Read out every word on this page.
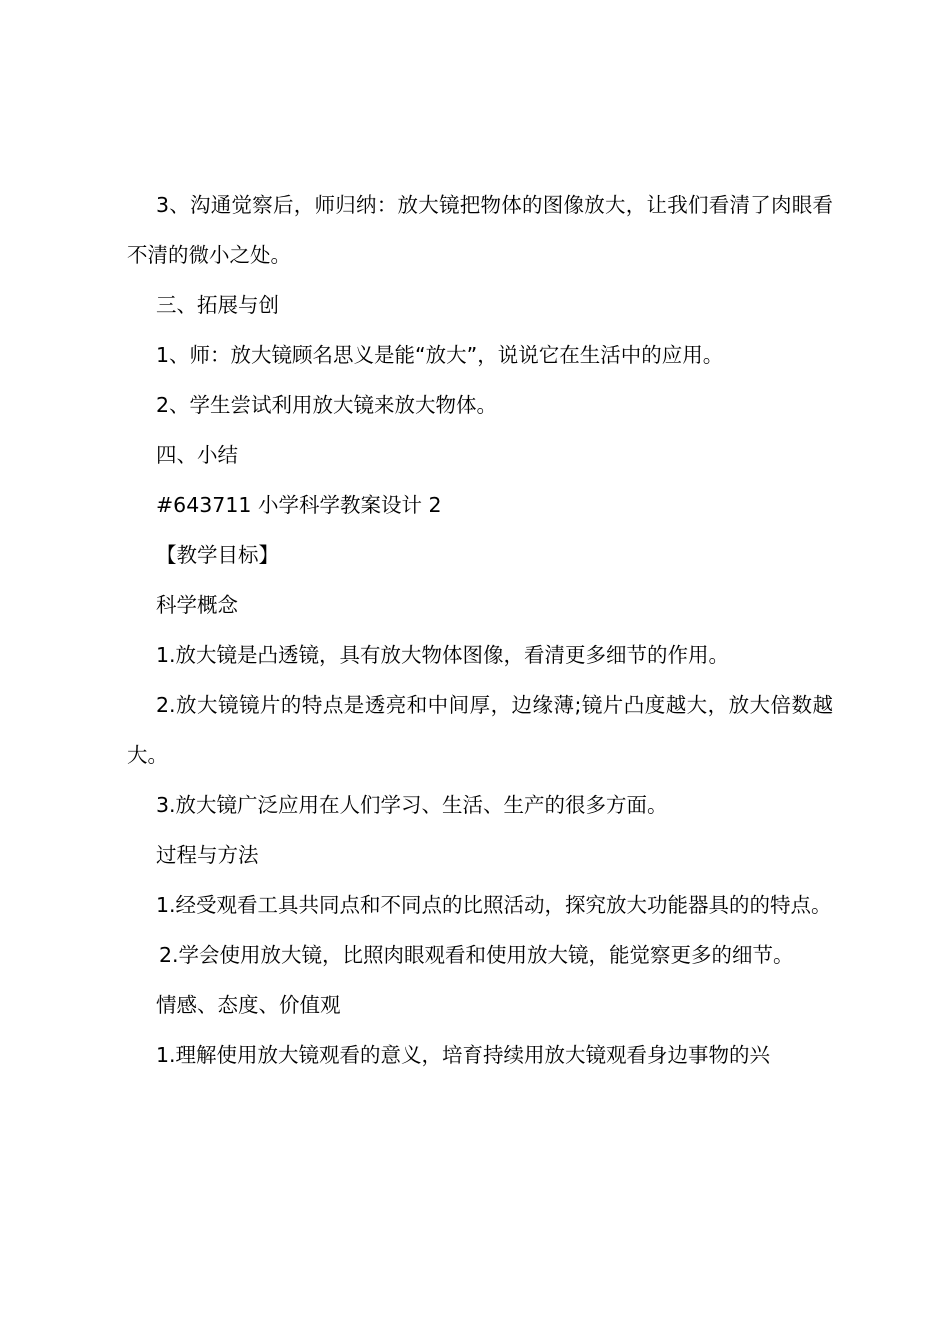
3、沟通觉察后，师归纳：放大镜把物体的图像放大，让我们看清了肉眼看不清的微小之处。

三、拓展与创

1、师：放大镜顾名思义是能“放大”，说说它在生活中的应用。

2、学生尝试利用放大镜来放大物体。

四、小结

#643711 小学科学教案设计 2

【教学目标】

科学概念

1.放大镜是凸透镜，具有放大物体图像，看清更多细节的作用。

2.放大镜镜片的特点是透亮和中间厚，边缘薄;镜片凸度越大，放大倍数越大。

3.放大镜广泛应用在人们学习、生活、生产的很多方面。

过程与方法

1.经受观看工具共同点和不同点的比照活动，探究放大功能器具的的特点。

2.学会使用放大镜，比照肉眼观看和使用放大镜，能觉察更多的细节。

情感、态度、价值观

1.理解使用放大镜观看的意义，培育持续用放大镜观看身边事物的兴
